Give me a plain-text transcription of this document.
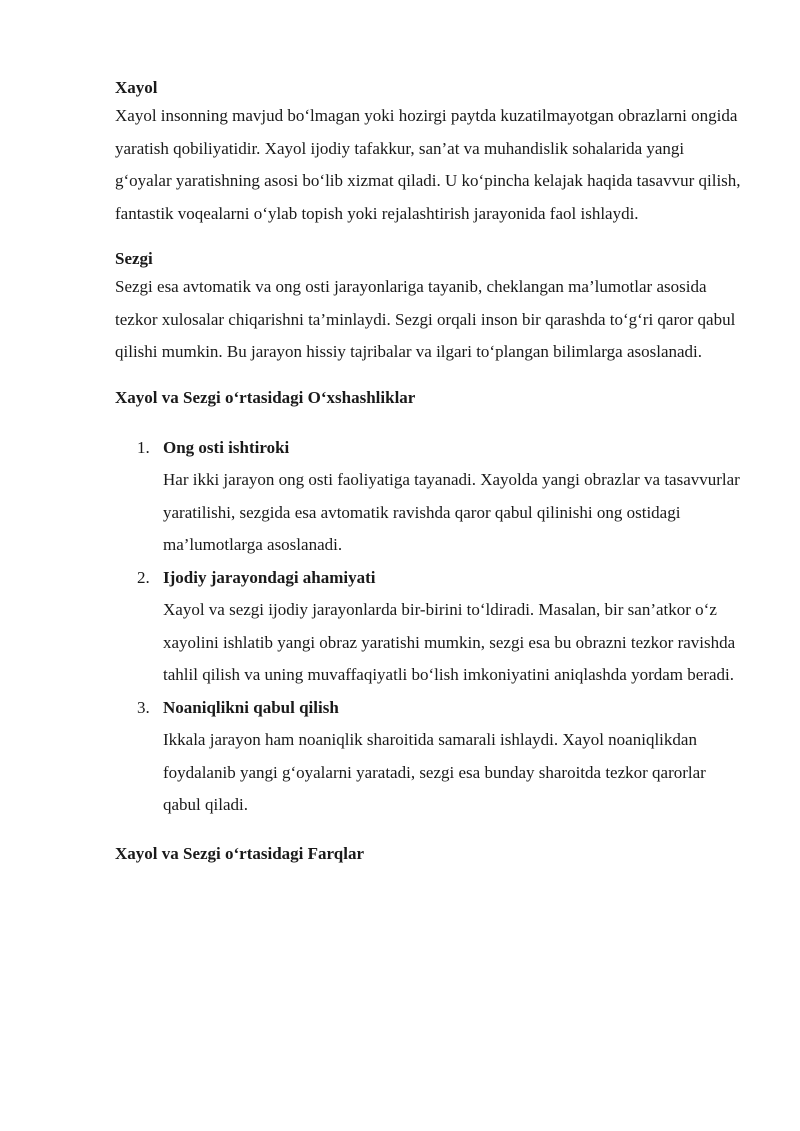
Xayol

Xayol insonning mavjud bo‘lmagan yoki hozirgi paytda kuzatilmayotgan obrazlarni ongida yaratish qobiliyatidir. Xayol ijodiy tafakkur, san’at va muhandislik sohalarida yangi g‘oyalar yaratishning asosi bo‘lib xizmat qiladi. U ko‘pincha kelajak haqida tasavvur qilish, fantastik voqealarni o‘ylab topish yoki rejalashtirish jarayonida faol ishlaydi.

Sezgi

Sezgi esa avtomatik va ong osti jarayonlariga tayanib, cheklangan ma’lumotlar asosida tezkor xulosalar chiqarishni ta’minlaydi. Sezgi orqali inson bir qarashda to‘g‘ri qaror qabul qilishi mumkin. Bu jarayon hissiy tajribalar va ilgari to‘plangan bilimlarga asoslanadi.

Xayol va Sezgi o‘rtasidagi O‘xshashliklar

1. Ong osti ishtiroki

Har ikki jarayon ong osti faoliyatiga tayanadi. Xayolda yangi obrazlar va tasavvurlar yaratilishi, sezgida esa avtomatik ravishda qaror qabul qilinishi ong ostidagi ma’lumotlarga asoslanadi.

2. Ijodiy jarayondagi ahamiyati

Xayol va sezgi ijodiy jarayonlarda bir-birini to‘ldiradi. Masalan, bir san’atkor o‘z xayolini ishlatib yangi obraz yaratishi mumkin, sezgi esa bu obrazni tezkor ravishda tahlil qilish va uning muvaffaqiyatli bo‘lish imkoniyatini aniqlashda yordam beradi.

3. Noaniqlikni qabul qilish

Ikkala jarayon ham noaniqlik sharoitida samarali ishlaydi. Xayol noaniqlikdan foydalanib yangi g‘oyalarni yaratadi, sezgi esa bunday sharoitda tezkor qarorlar qabul qiladi.

Xayol va Sezgi o‘rtasidagi Farqlar
